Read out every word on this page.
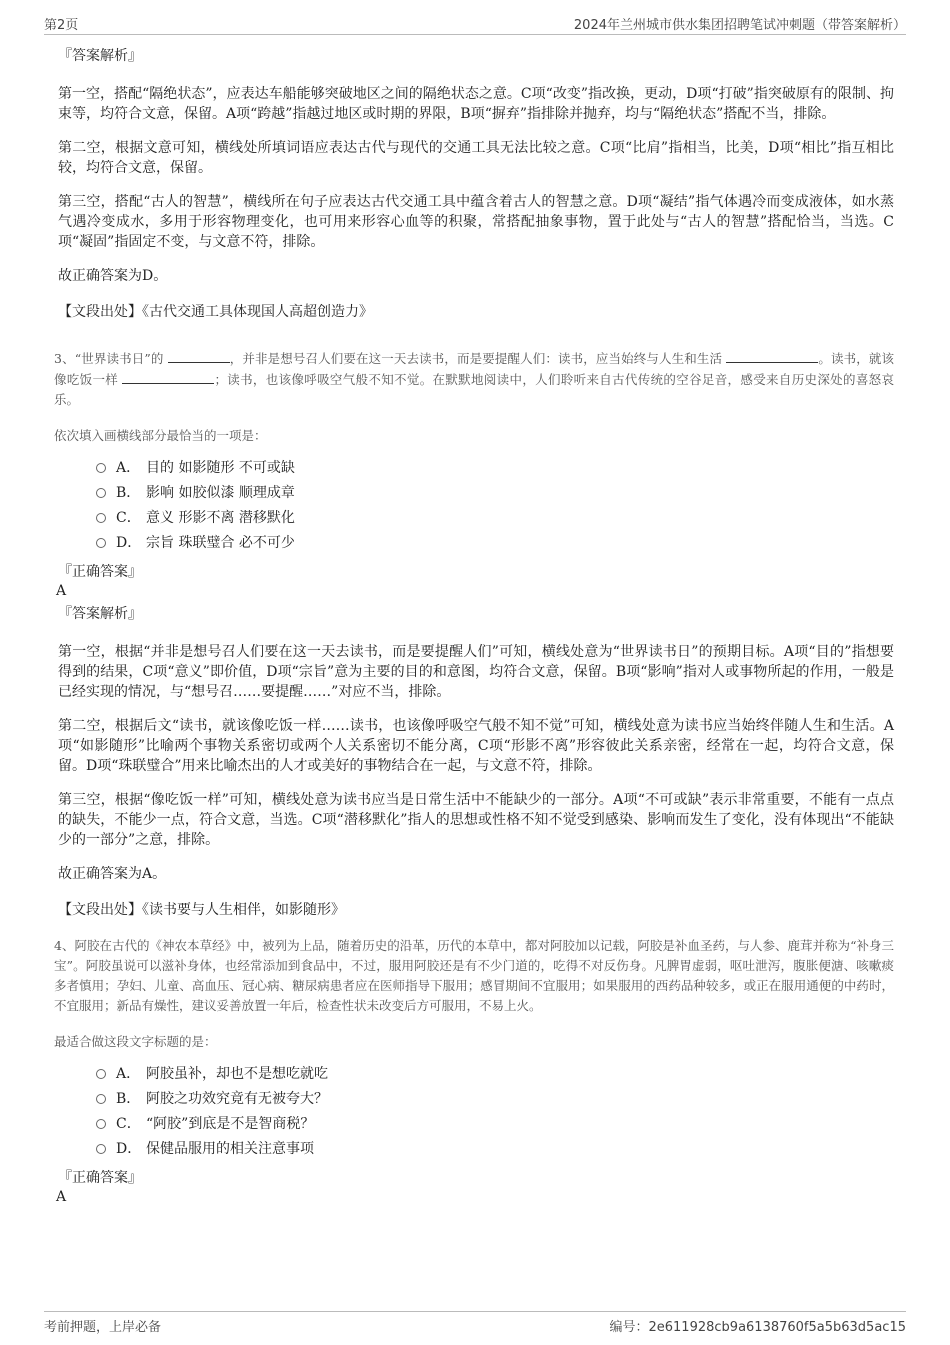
第2页	2024年兰州城市供水集团招聘笔试冲刺题（带答案解析）
『答案解析』

第一空，搭配“隔绝状态”，应表达车船能够突破地区之间的隔绝状态之意。C项“改变”指改换，更动，D项“打破”指突破原有的限制、拘束等，均符合文意，保留。A项“跨越”指越过地区或时期的界限，B项“摒弃”指排除并抛弃，均与“隔绝状态”搭配不当，排除。

第二空，根据文意可知，横线处所填词语应表达古代与现代的交通工具无法比较之意。C项“比肩”指相当，比美，D项“相比”指互相比较，均符合文意，保留。

第三空，搭配“古人的智慧”，横线所在句子应表达古代交通工具中蕴含着古人的智慧之意。D项“凝结”指气体遇冷而变成液体，如水蒸气遇冷变成水，多用于形容物理变化，也可用来形容心血等的积聚，常搭配抽象事物，置于此处与“古人的智慧”搭配恰当，当选。C项“凝固”指固定不变，与文意不符，排除。

故正确答案为D。

【文段出处】《古代交通工具体现国人高超创造力》

3、“世界读书日”的	，并非是想号召人们要在这一天去读书，而是要提醒人们：读书，应当始终与人生和生活	。读书，就该像吃饭一样	；读书，也该像呼吸空气般不知不觉。在默默地阅读中，人们聆听来自古代传统的空谷足音，感受来自历史深处的喜怒哀乐。

依次填入画横线部分最恰当的一项是：

A． 目的 如影随形 不可或缺
B． 影响 如胶似漆 顺理成章
C． 意义 形影不离 潜移默化
D． 宗旨 珠联璧合 必不可少
『正确答案』
A
『答案解析』

第一空，根据“并非是想号召人们要在这一天去读书，而是要提醒人们”可知，横线处意为“世界读书日”的预期目标。A项“目的”指想要得到的结果，C项“意义”即价值，D项“宗旨”意为主要的目的和意图，均符合文意，保留。B项“影响”指对人或事物所起的作用，一般是已经实现的情况，与“想号召……要提醒……”对应不当，排除。

第二空，根据后文“读书，就该像吃饭一样……读书，也该像呼吸空气般不知不觉”可知，横线处意为读书应当始终伴随人生和生活。A项“如影随形”比喻两个事物关系密切或两个人关系密切不能分离，C项“形影不离”形容彼此关系亲密，经常在一起，均符合文意，保留。D项“珠联璧合”用来比喻杰出的人才或美好的事物结合在一起，与文意不符，排除。

第三空，根据“像吃饭一样”可知，横线处意为读书应当是日常生活中不能缺少的一部分。A项“不可或缺”表示非常重要，不能有一点点的缺失，不能少一点，符合文意，当选。C项“潜移默化”指人的思想或性格不知不觉受到感染、影响而发生了变化，没有体现出“不能缺少的一部分”之意，排除。

故正确答案为A。

【文段出处】《读书要与人生相伴，如影随形》

4、阿胶在古代的《神农本草经》中，被列为上品，随着历史的沿革，历代的本草中，都对阿胶加以记载，阿胶是补血圣药，与人参、鹿茸并称为“补身三宝”。阿胶虽说可以滋补身体，也经常添加到食品中，不过，服用阿胶还是有不少门道的，吃得不对反伤身。凡脾胃虚弱，呕吐泄泻，腹胀便溏、咳嗽痰多者慎用；孕妇、儿童、高血压、冠心病、糖尿病患者应在医师指导下服用；感冒期间不宜服用；如果服用的西药品种较多，或正在服用通便的中药时，不宜服用；新品有燥性，建议妥善放置一年后，检查性状未改变后方可服用，不易上火。

最适合做这段文字标题的是：

A． 阿胶虽补，却也不是想吃就吃
B． 阿胶之功效究竟有无被夸大？
C． “阿胶”到底是不是智商税？
D． 保健品服用的相关注意事项
『正确答案』
A
考前押题，上岸必备	编号：2e611928cb9a6138760f5a5b63d5ac15
